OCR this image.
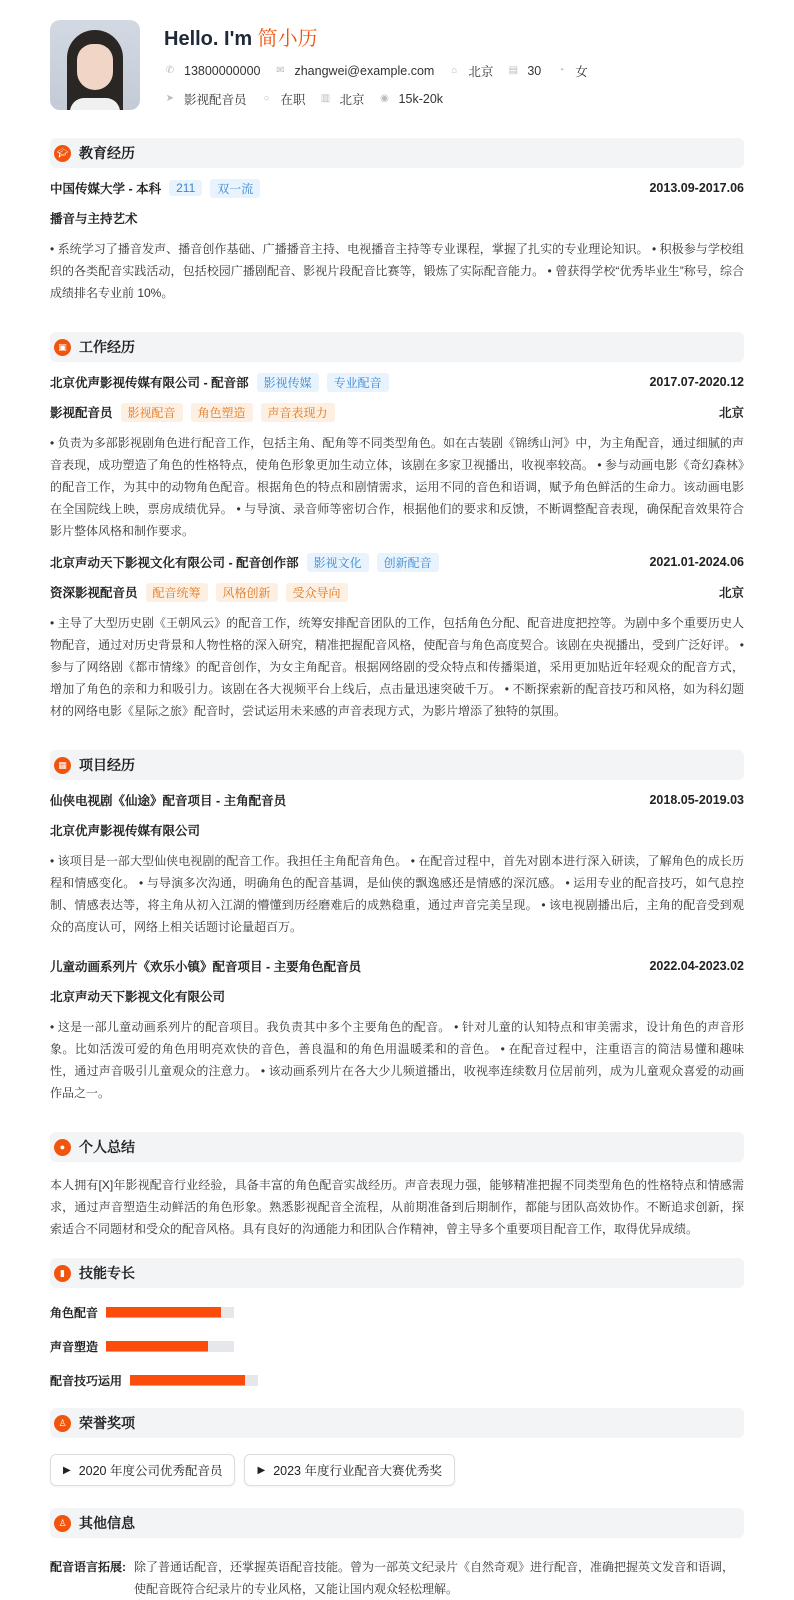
Hello. I'm 简小历
✆ 13800000000 ✉ zhangwei@example.com ⌂ 北京 ▤ 30 ◔ 女
➤ 影视配音员 ○ 在职 ▥ 北京 ◉ 15k-20k
🎓︎ 教育经历
中国传媒大学 - 本科	211	双一流	2013.09-2017.06
播音与主持艺术
• 系统学习了播音发声、播音创作基础、广播播音主持、电视播音主持等专业课程，掌握了扎实的专业理论知识。 • 积极参与学校组织的各类配音实践活动，包括校园广播剧配音、影视片段配音比赛等，锻炼了实际配音能力。 • 曾获得学校“优秀毕业生”称号，综合成绩排名专业前 10%。
▣ 工作经历
北京优声影视传媒有限公司 - 配音部	影视传媒	专业配音	2017.07-2020.12
影视配音员	影视配音	角色塑造	声音表现力	北京
• 负责为多部影视剧角色进行配音工作，包括主角、配角等不同类型角色。如在古装剧《锦绣山河》中，为主角配音，通过细腻的声音表现，成功塑造了角色的性格特点，使角色形象更加生动立体，该剧在多家卫视播出，收视率较高。 • 参与动画电影《奇幻森林》的配音工作，为其中的动物角色配音。根据角色的特点和剧情需求，运用不同的音色和语调，赋予角色鲜活的生命力。该动画电影在全国院线上映，票房成绩优异。 • 与导演、录音师等密切合作，根据他们的要求和反馈，不断调整配音表现，确保配音效果符合影片整体风格和制作要求。
北京声动天下影视文化有限公司 - 配音创作部	影视文化	创新配音	2021.01-2024.06
资深影视配音员	配音统筹	风格创新	受众导向	北京
• 主导了大型历史剧《王朝风云》的配音工作，统筹安排配音团队的工作，包括角色分配、配音进度把控等。为剧中多个重要历史人物配音，通过对历史背景和人物性格的深入研究，精准把握配音风格，使配音与角色高度契合。该剧在央视播出，受到广泛好评。 • 参与了网络剧《都市情缘》的配音创作，为女主角配音。根据网络剧的受众特点和传播渠道，采用更加贴近年轻观众的配音方式，增加了角色的亲和力和吸引力。该剧在各大视频平台上线后，点击量迅速突破千万。 • 不断探索新的配音技巧和风格，如为科幻题材的网络电影《星际之旅》配音时，尝试运用未来感的声音表现方式，为影片增添了独特的氛围。
▦ 项目经历
仙侠电视剧《仙途》配音项目 - 主角配音员	2018.05-2019.03
北京优声影视传媒有限公司
• 该项目是一部大型仙侠电视剧的配音工作。我担任主角配音角色。 • 在配音过程中，首先对剧本进行深入研读，了解角色的成长历程和情感变化。 • 与导演多次沟通，明确角色的配音基调，是仙侠的飘逸感还是情感的深沉感。 • 运用专业的配音技巧，如气息控制、情感表达等，将主角从初入江湖的懵懂到历经磨难后的成熟稳重，通过声音完美呈现。 • 该电视剧播出后，主角的配音受到观众的高度认可，网络上相关话题讨论量超百万。
儿童动画系列片《欢乐小镇》配音项目 - 主要角色配音员	2022.04-2023.02
北京声动天下影视文化有限公司
• 这是一部儿童动画系列片的配音项目。我负责其中多个主要角色的配音。 • 针对儿童的认知特点和审美需求，设计角色的声音形象。比如活泼可爱的角色用明亮欢快的音色，善良温和的角色用温暖柔和的音色。 • 在配音过程中，注重语言的简洁易懂和趣味性，通过声音吸引儿童观众的注意力。 • 该动画系列片在各大少儿频道播出，收视率连续数月位居前列，成为儿童观众喜爱的动画作品之一。
● 个人总结
本人拥有[X]年影视配音行业经验，具备丰富的角色配音实战经历。声音表现力强，能够精准把握不同类型角色的性格特点和情感需求，通过声音塑造生动鲜活的角色形象。熟悉影视配音全流程，从前期准备到后期制作，都能与团队高效协作。不断追求创新，探索适合不同题材和受众的配音风格。具有良好的沟通能力和团队合作精神，曾主导多个重要项目配音工作，取得优异成绩。
▮	技能专长
角色配音
声音塑造
配音技巧运用
♙ 荣誉奖项
▶ 2020 年度公司优秀配音员	▶ 2023 年度行业配音大赛优秀奖
♙ 其他信息
配音语言拓展: 除了普通话配音，还掌握英语配音技能。曾为一部英文纪录片《自然奇观》进行配音，准确把握英文发音和语调，使配音既符合纪录片的专业风格，又能让国内观众轻松理解。
